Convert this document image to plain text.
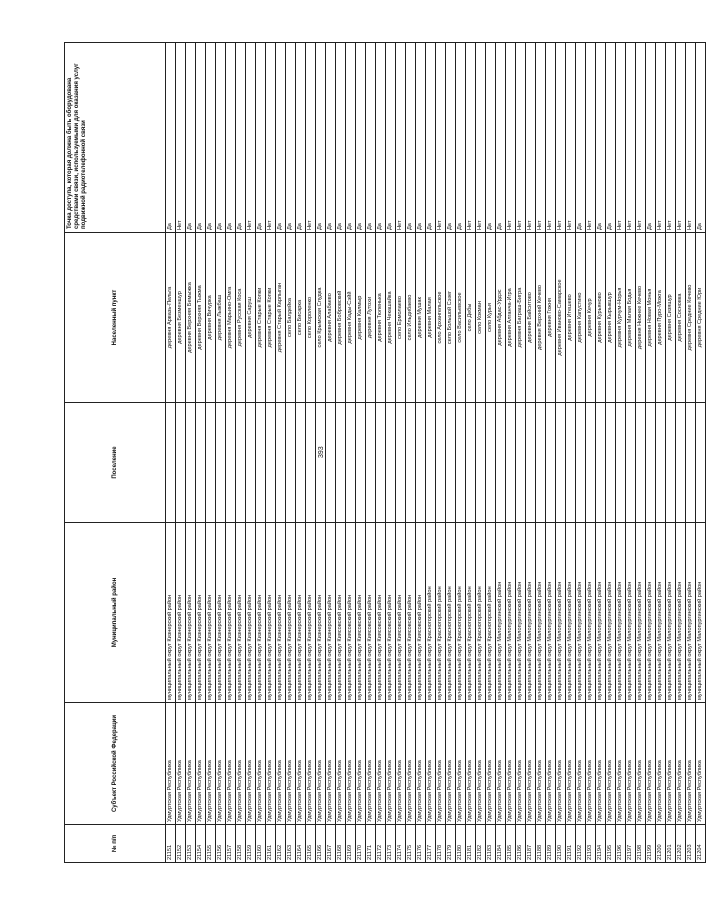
393
№ п/п	Субъект Российской Федерации	Муниципальный район	Поселение	Населенный пункт	Точка доступа, которая должна быть оборудована средствами связи, используемыми для оказания услуг подвижной радиотелефонной связи
21151	Удмуртская Республика	муниципальный округ Кизнерский район		деревня Арвазь-Пельга	Да
21152	Удмуртская Республика	муниципальный округ Кизнерский район		деревня Безменшур	Нет
21153	Удмуртская Республика	муниципальный округ Кизнерский район		деревня Верхняя Бемыжка	Да
21154	Удмуртская Республика	муниципальный округ Кизнерский район		деревня Верхняя Тыжма	Да
21155	Удмуртская Республика	муниципальный округ Кизнерский район		деревня Вичурка	Да
21156	Удмуртская Республика	муниципальный округ Кизнерский район		деревня Лыжбаш	Да
21157	Удмуртская Республика	муниципальный округ Кизнерский район		деревня Марьино-Омга	Да
21158	Удмуртская Республика	муниципальный округ Кизнерский район		деревня Русская Коса	Да
21159	Удмуртская Республика	муниципальный округ Кизнерский район		деревня Саруш	Нет
21160	Удмуртская Республика	муниципальный округ Кизнерский район		деревня Старые Копки	Да
21161	Удмуртская Республика	муниципальный округ Кизнерский район		деревня Старые Копки	Нет
21162	Удмуртская Республика	муниципальный округ Кизнерский район		деревня Старый Карлыган	Да
21163	Удмуртская Республика	муниципальный округ Кизнерский район		село Балдейка	Да
21164	Удмуртская Республика	муниципальный округ Кизнерский район		село Бисарка	Да
21165	Удмуртская Республика	муниципальный округ Кизнерский район		село Короленко	Нет
21166	Удмуртская Республика	муниципальный округ Кизнерский район		село Крымская Слудка	Да
21167	Удмуртская Республика	муниципальный округ Кизнерский район		деревня Алабаево	Да
21168	Удмуртская Республика	муниципальный округ Киясовский район		деревня Бобровский	Да
21169	Удмуртская Республика	муниципальный округ Киясовский район		деревня Кады-Сэйй	Да
21170	Удмуртская Республика	муниципальный округ Киясовский район		деревня Калмыр	Да
21171	Удмуртская Республика	муниципальный округ Киясовский район		деревня Лутохи	Да
21172	Удмуртская Республика	муниципальный округ Киясовский район		деревня Тюленька	Да
21173	Удмуртская Республика	муниципальный округ Киясовский район		деревня Чекашайка	Да
21174	Удмуртская Республика	муниципальный округ Киясовский район		село Ермолаево	Нет
21175	Удмуртская Республика	муниципальный округ Киясовский район		село Ильдибаево	Да
21176	Удмуртская Республика	муниципальный округ Киясовский район		деревня Мушак	Да
21177	Удмуртская Республика	муниципальный округ Красногорский район		деревня Малая	Да
21178	Удмуртская Республика	муниципальный округ Красногорский район		село Архангельское	Нет
21179	Удмуртская Республика	муниципальный округ Красногорский район		село Большой Сэзег	Да
21180	Удмуртская Республика	муниципальный округ Красногорский район		село Васильевское	Да
21181	Удмуртская Республика	муниципальный округ Красногорский район		село Дебы	Нет
21182	Удмуртская Республика	муниципальный округ Красногорский район		село Кокман	Нет
21183	Удмуртская Республика	муниципальный округ Красногорский район		село Курья	Да
21184	Удмуртская Республика	муниципальный округ Малопургинский район		деревня Абдас-Урдэс	Да
21185	Удмуртская Республика	муниципальный округ Малопургинский район		деревня Алганча-Игра	Нет
21186	Удмуртская Республика	муниципальный округ Малопургинский район		деревня Баграш-Бигра	Нет
21187	Удмуртская Республика	муниципальный округ Малопургинский район		деревня Байситово	Нет
21188	Удмуртская Республика	муниципальный округ Малопургинский район		деревня Верхний Кечево	Нет
21189	Удмуртская Республика	муниципальный округ Малопургинский район		деревня Гожня	Нет
21190	Удмуртская Республика	муниципальный округ Малопургинский район		деревня Иваново-Самарское	Нет
21191	Удмуртская Республика	муниципальный округ Малопургинский район		деревня Итешево	Нет
21192	Удмуртская Республика	муниципальный округ Малопургинский район		деревня Капустино	Да
21193	Удмуртская Республика	муниципальный округ Малопургинский район		деревня Кечур	Нет
21194	Удмуртская Республика	муниципальный округ Малопургинский район		деревня Курьяново	Да
21195	Удмуртская Республика	муниципальный округ Малопургинский район		деревня Кырыкшур	Да
21196	Удмуртская Республика	муниципальный округ Малопургинский район		деревня Курчум-Норья	Нет
21197	Удмуртская Республика	муниципальный округ Малопургинский район		деревня Малая Бодья	Нет
21198	Удмуртская Республика	муниципальный округ Малопургинский район		деревня Нижнее Кечево	Нет
21199	Удмуртская Республика	муниципальный округ Малопургинский район		деревня Новая Монья	Да
21200	Удмуртская Республика	муниципальный округ Малопургинский район		деревня Пуро-Можга	Нет
21201	Удмуртская Республика	муниципальный округ Малопургинский район		деревня Сизяшур	Нет
21202	Удмуртская Республика	муниципальный округ Малопургинский район		деревня Сосновка	Нет
21203	Удмуртская Республика	муниципальный округ Малопургинский район		деревня Средние Кечево	Нет
21204	Удмуртская Республика	муниципальный округ Малопургинский район		деревня Средние Юри	Да
